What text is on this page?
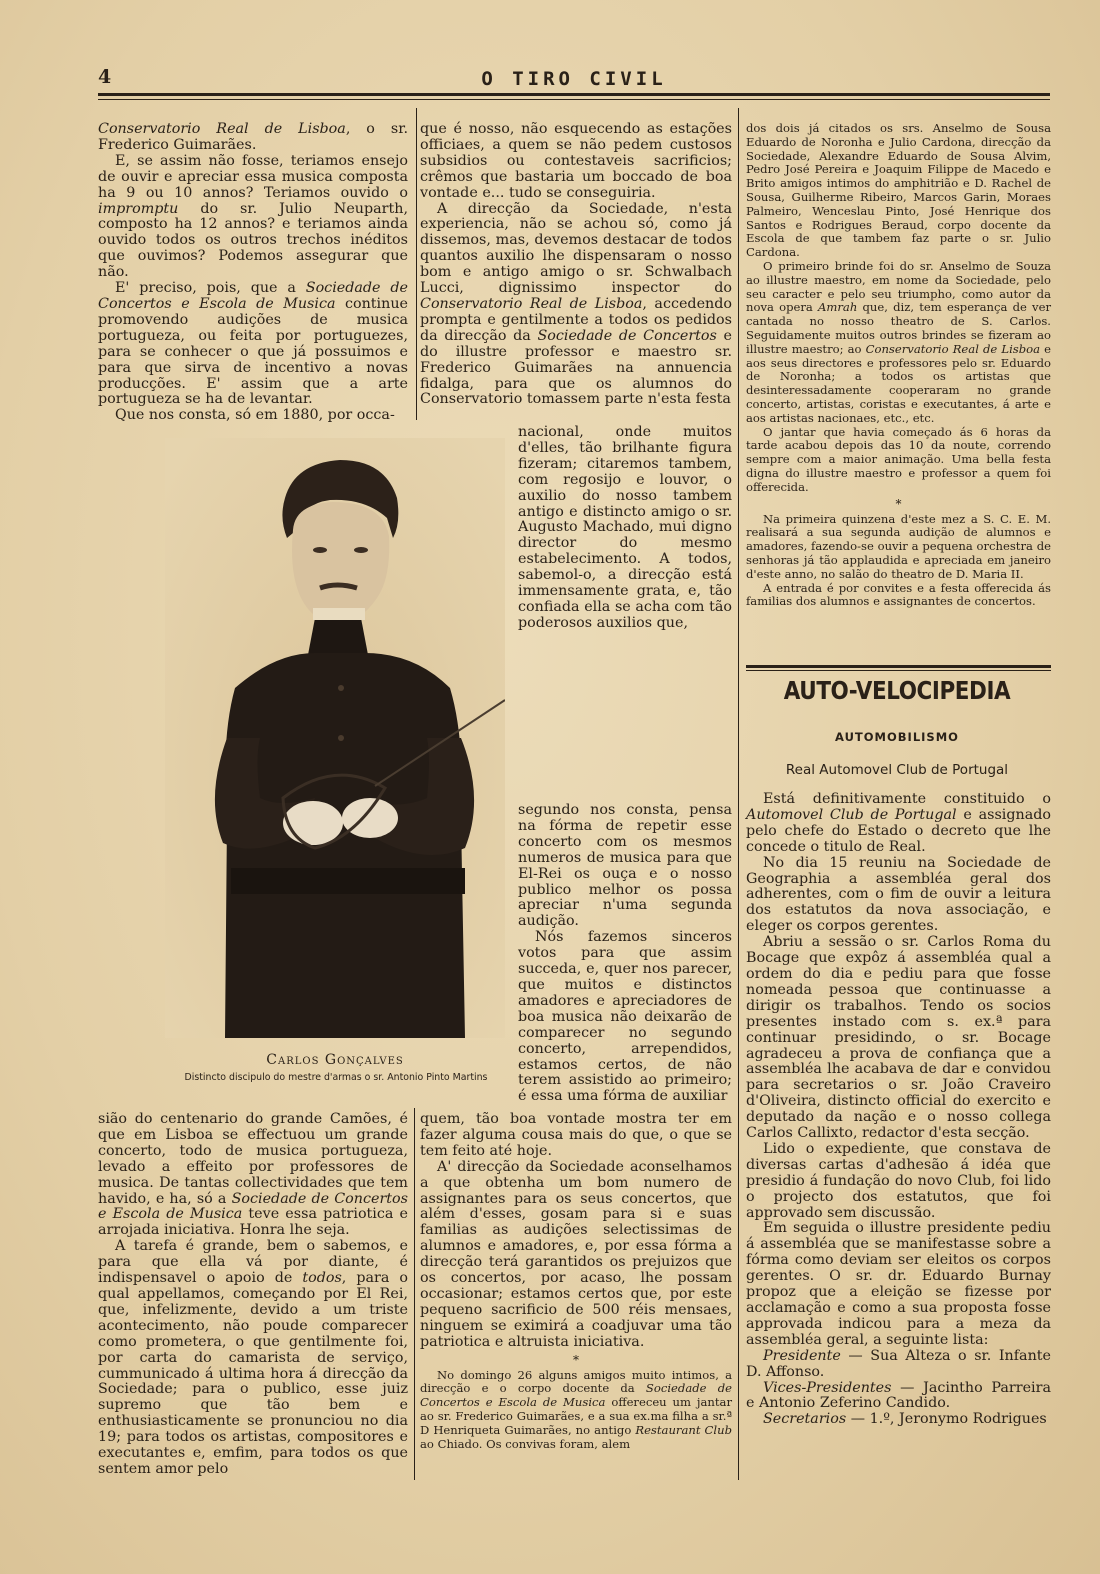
4	O TIRO CIVIL

Conservatorio Real de Lisboa, o sr. Frederico Guimarães.

E, se assim não fosse, teriamos ensejo de ouvir e apreciar essa musica composta ha 9 ou 10 annos? Teriamos ouvido o impromptu do sr. Julio Neuparth, composto ha 12 annos? e teriamos ainda ouvido todos os outros trechos inéditos que ouvimos? Podemos assegurar que não.

E' preciso, pois, que a Sociedade de Concertos e Escola de Musica continue promovendo audições de musica portugueza, ou feita por portuguezes, para se conhecer o que já possuimos e para que sirva de incentivo a novas producções. E' assim que a arte portugueza se ha de levantar.

Que nos consta, só em 1880, por occa-

Carlos Gonçalves
Distincto discipulo do mestre d'armas o sr. Antonio Pinto Martins

sião do centenario do grande Camões, é que em Lisboa se effectuou um grande concerto, todo de musica portugueza, levado a effeito por professores de musica. De tantas collectividades que tem havido, e ha, só a Sociedade de Concertos e Escola de Musica teve essa patriotica e arrojada iniciativa. Honra lhe seja.

A tarefa é grande, bem o sabemos, e para que ella vá por diante, é indispensavel o apoio de todos, para o qual appellamos, começando por El Rei, que, infelizmente, devido a um triste acontecimento, não poude comparecer como prometera, o que gentilmente foi, por carta do camarista de serviço, cummunicado á ultima hora á direcção da Sociedade; para o publico, esse juiz supremo que tão bem e enthusiasticamente se pronunciou no dia 19; para todos os artistas, compositores e executantes e, emfim, para todos os que sentem amor pelo

que é nosso, não esquecendo as estações officiaes, a quem se não pedem custosos subsidios ou contestaveis sacrificios; crêmos que bastaria um boccado de boa vontade e... tudo se conseguiria.

A direcção da Sociedade, n'esta experiencia, não se achou só, como já dissemos, mas, devemos destacar de todos quantos auxilio lhe dispensaram o nosso bom e antigo amigo o sr. Schwalbach Lucci, dignissimo inspector do Conservatorio Real de Lisboa, accedendo prompta e gentilmente a todos os pedidos da direcção da Sociedade de Concertos e do illustre professor e maestro sr. Frederico Guimarães na annuencia fidalga, para que os alumnos do Conservatorio tomassem parte n'esta festa

nacional, onde muitos d'elles, tão brilhante figura fizeram; citaremos tambem, com regosijo e louvor, o auxilio do nosso tambem antigo e distincto amigo o sr. Augusto Machado, mui digno director do mesmo estabelecimento. A todos, sabemol-o, a direcção está immensamente grata, e, tão confiada ella se acha com tão poderosos auxilios que,

segundo nos consta, pensa na fórma de repetir esse concerto com os mesmos numeros de musica para que El-Rei os ouça e o nosso publico melhor os possa apreciar n'uma segunda audição.

Nós fazemos sinceros votos para que assim succeda, e, quer nos parecer, que muitos e distinctos amadores e apreciadores de boa musica não deixarão de comparecer no segundo concerto, arrependidos, estamos certos, de não terem assistido ao primeiro; é essa uma fórma de auxiliar

quem, tão boa vontade mostra ter em fazer alguma cousa mais do que, o que se tem feito até hoje.

A' direcção da Sociedade aconselhamos a que obtenha um bom numero de assignantes para os seus concertos, que além d'esses, gosam para si e suas familias as audições selectissimas de alumnos e amadores, e, por essa fórma a direcção terá garantidos os prejuizos que os concertos, por acaso, lhe possam occasionar; estamos certos que, por este pequeno sacrificio de 500 réis mensaes, ninguem se eximirá a coadjuvar uma tão patriotica e altruista iniciativa.

*

No domingo 26 alguns amigos muito intimos, a direcção e o corpo docente da Sociedade de Concertos e Escola de Musica offereceu um jantar ao sr. Frederico Guimarães, e a sua ex.ma filha a sr.ª D Henriqueta Guimarães, no antigo Restaurant Club ao Chiado. Os convivas foram, alem

dos dois já citados os srs. Anselmo de Sousa Eduardo de Noronha e Julio Cardona, direcção da Sociedade, Alexandre Eduardo de Sousa Alvim, Pedro José Pereira e Joaquim Filippe de Macedo e Brito amigos intimos do amphitrião e D. Rachel de Sousa, Guilherme Ribeiro, Marcos Garin, Moraes Palmeiro, Wenceslau Pinto, José Henrique dos Santos e Rodrigues Beraud, corpo docente da Escola de que tambem faz parte o sr. Julio Cardona.

O primeiro brinde foi do sr. Anselmo de Souza ao illustre maestro, em nome da Sociedade, pelo seu caracter e pelo seu triumpho, como autor da nova opera Amrah que, diz, tem esperança de ver cantada no nosso theatro de S. Carlos. Seguidamente muitos outros brindes se fizeram ao illustre maestro; ao Conservatorio Real de Lisboa e aos seus directores e professores pelo sr. Eduardo de Noronha; a todos os artistas que desinteressadamente cooperaram no grande concerto, artistas, coristas e executantes, á arte e aos artistas nacionaes, etc., etc.

O jantar que havia começado ás 6 horas da tarde acabou depois das 10 da noute, correndo sempre com a maior animação. Uma bella festa digna do illustre maestro e professor a quem foi offerecida.

*

Na primeira quinzena d'este mez a S. C. E. M. realisará a sua segunda audição de alumnos e amadores, fazendo-se ouvir a pequena orchestra de senhoras já tão applaudida e apreciada em janeiro d'este anno, no salão do theatro de D. Maria II.

A entrada é por convites e a festa offerecida ás familias dos alumnos e assignantes de concertos.

AUTO-VELOCIPEDIA
AUTOMOBILISMO
Real Automovel Club de Portugal

Está definitivamente constituido o Automovel Club de Portugal e assignado pelo chefe do Estado o decreto que lhe concede o titulo de Real.

No dia 15 reuniu na Sociedade de Geographia a assembléa geral dos adherentes, com o fim de ouvir a leitura dos estatutos da nova associação, e eleger os corpos gerentes.

Abriu a sessão o sr. Carlos Roma du Bocage que expôz á assembléa qual a ordem do dia e pediu para que fosse nomeada pessoa que continuasse a dirigir os trabalhos. Tendo os socios presentes instado com s. ex.ª para continuar presidindo, o sr. Bocage agradeceu a prova de confiança que a assembléa lhe acabava de dar e convidou para secretarios o sr. João Craveiro d'Oliveira, distincto official do exercito e deputado da nação e o nosso collega Carlos Callixto, redactor d'esta secção.

Lido o expediente, que constava de diversas cartas d'adhesão á idéa que presidio á fundação do novo Club, foi lido o projecto dos estatutos, que foi approvado sem discussão.

Em seguida o illustre presidente pediu á assembléa que se manifestasse sobre a fórma como deviam ser eleitos os corpos gerentes. O sr. dr. Eduardo Burnay propoz que a eleição se fizesse por acclamação e como a sua proposta fosse approvada indicou para a meza da assembléa geral, a seguinte lista:

Presidente — Sua Alteza o sr. Infante D. Affonso.

Vices-Presidentes — Jacintho Parreira e Antonio Zeferino Candido.

Secretarios — 1.º, Jeronymo Rodrigues
